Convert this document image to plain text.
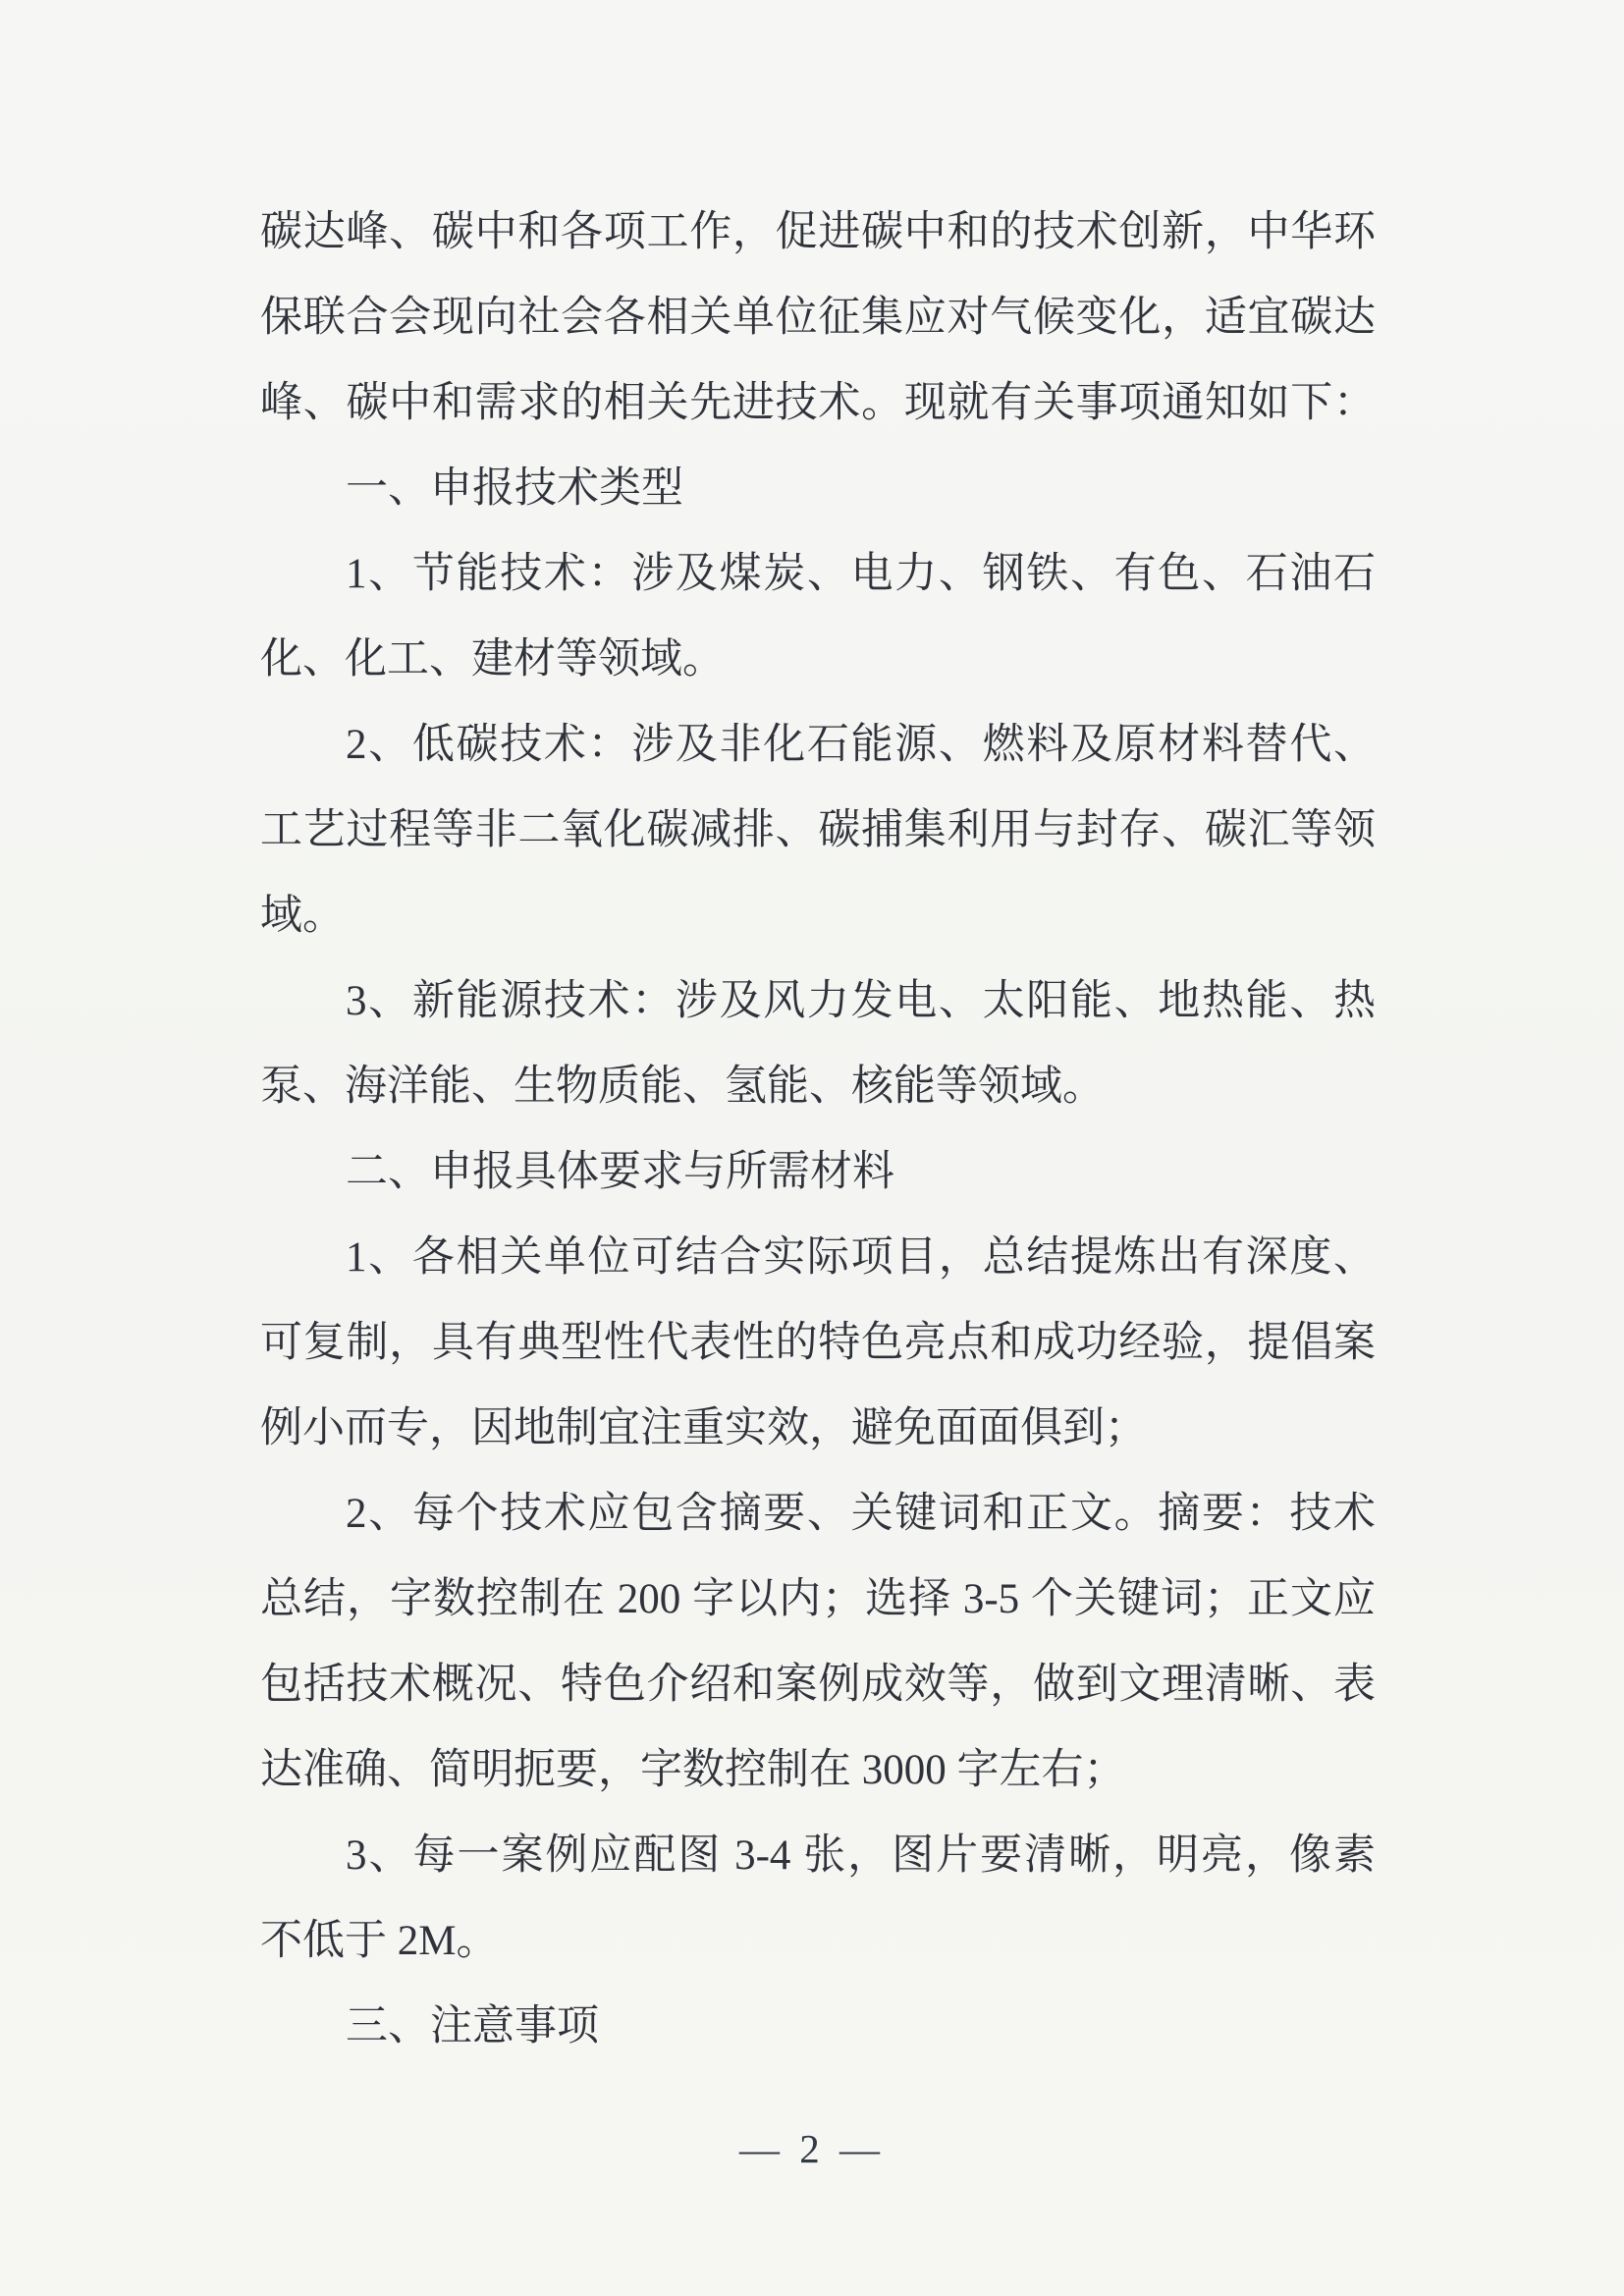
碳达峰、碳中和各项工作，促进碳中和的技术创新，中华环
保联合会现向社会各相关单位征集应对气候变化，适宜碳达
峰、碳中和需求的相关先进技术。现就有关事项通知如下：
一、申报技术类型
1、节能技术：涉及煤炭、电力、钢铁、有色、石油石
化、化工、建材等领域。
2、低碳技术：涉及非化石能源、燃料及原材料替代、
工艺过程等非二氧化碳减排、碳捕集利用与封存、碳汇等领
域。
3、新能源技术：涉及风力发电、太阳能、地热能、热
泵、海洋能、生物质能、氢能、核能等领域。
二、申报具体要求与所需材料
1、各相关单位可结合实际项目，总结提炼出有深度、
可复制，具有典型性代表性的特色亮点和成功经验，提倡案
例小而专，因地制宜注重实效，避免面面俱到；
2、每个技术应包含摘要、关键词和正文。摘要：技术
总结，字数控制在 200 字以内；选择 3-5 个关键词；正文应
包括技术概况、特色介绍和案例成效等，做到文理清晰、表
达准确、简明扼要，字数控制在 3000 字左右；
3、每一案例应配图 3-4 张，图片要清晰，明亮，像素
不低于 2M。
三、注意事项
— 2 —
